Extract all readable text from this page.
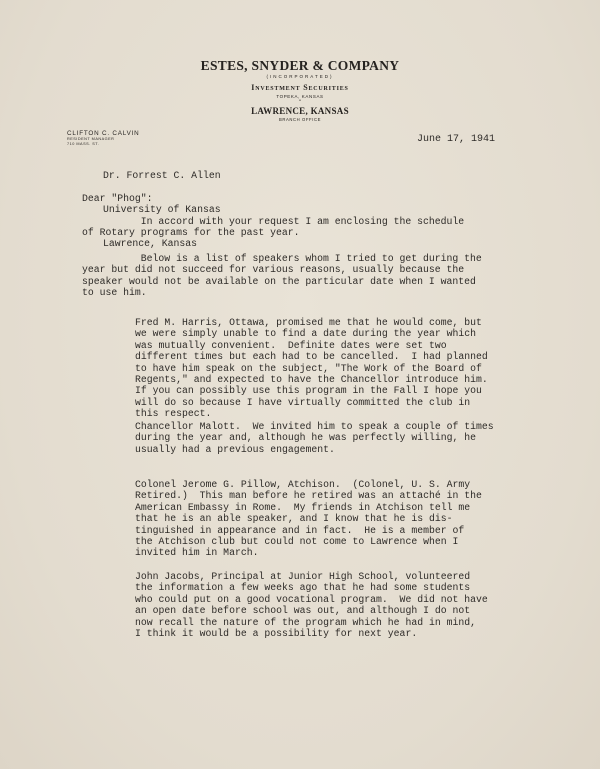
ESTES, SNYDER & COMPANY
(INCORPORATED)
Investment Securities
TOPEKA, KANSAS
•
LAWRENCE, KANSAS
BRANCH OFFICE
CLIFTON C. CALVIN
RESIDENT MANAGER
710 MASS. ST.	June 17, 1941

Dr. Forrest C. Allen

University of Kansas

Lawrence, Kansas

Dear "Phog":
In accord with your request I am enclosing the schedule
of Rotary programs for the past year.
Below is a list of speakers whom I tried to get during the
year but did not succeed for various reasons, usually because the
speaker would not be available on the particular date when I wanted
to use him.
Fred M. Harris, Ottawa, promised me that he would come, but
we were simply unable to find a date during the year which
was mutually convenient.  Definite dates were set two
different times but each had to be cancelled.  I had planned
to have him speak on the subject, "The Work of the Board of
Regents," and expected to have the Chancellor introduce him.
If you can possibly use this program in the Fall I hope you
will do so because I have virtually committed the club in
this respect.
Chancellor Malott.  We invited him to speak a couple of times
during the year and, although he was perfectly willing, he
usually had a previous engagement.
Colonel Jerome G. Pillow, Atchison.  (Colonel, U. S. Army
Retired.)  This man before he retired was an attaché in the
American Embassy in Rome.  My friends in Atchison tell me
that he is an able speaker, and I know that he is dis-
tinguished in appearance and in fact.  He is a member of
the Atchison club but could not come to Lawrence when I
invited him in March.
John Jacobs, Principal at Junior High School, volunteered
the information a few weeks ago that he had some students
who could put on a good vocational program.  We did not have
an open date before school was out, and although I do not
now recall the nature of the program which he had in mind,
I think it would be a possibility for next year.
